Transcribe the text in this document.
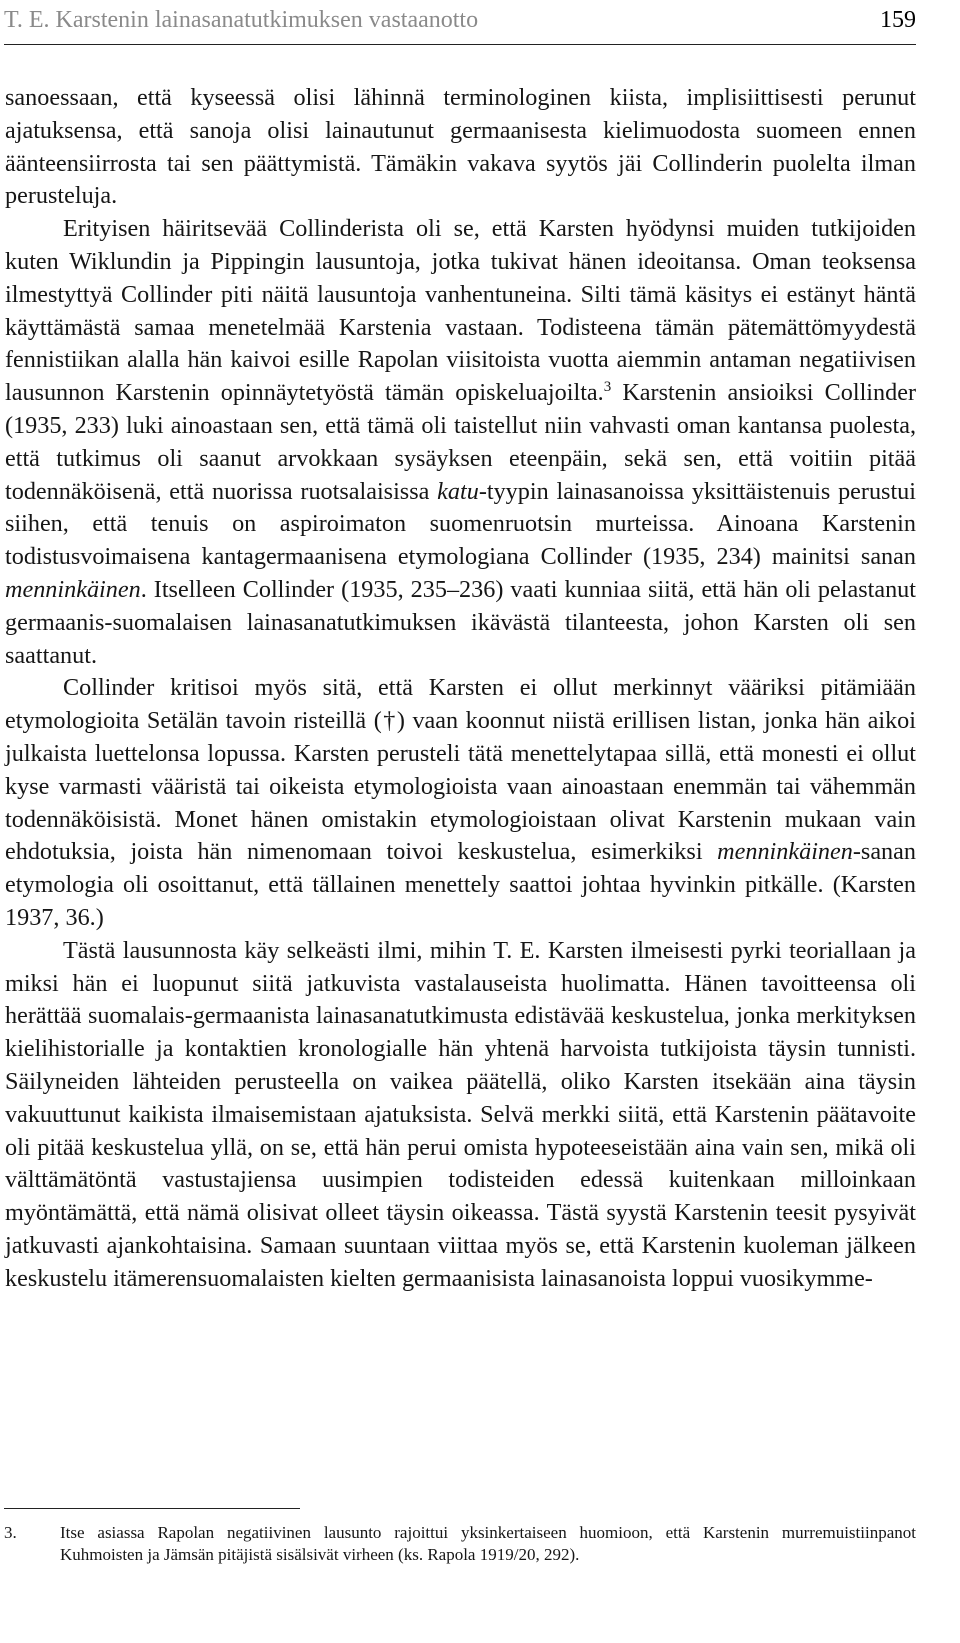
T. E. Karstenin lainasanatutkimuksen vastaanotto	159

sanoessaan, että kyseessä olisi lähinnä terminologinen kiista, implisiittisesti perunut ajatuksensa, että sanoja olisi lainautunut germaanisesta kielimuodosta suomeen ennen äänteensiirrosta tai sen päättymistä. Tämäkin vakava syytös jäi Collinderin puolelta ilman perusteluja.

Erityisen häiritsevää Collinderista oli se, että Karsten hyödynsi muiden tutkijoiden kuten Wiklundin ja Pippingin lausuntoja, jotka tukivat hänen ideoitansa. Oman teoksensa ilmestyttyä Collinder piti näitä lausuntoja vanhentuneina. Silti tämä käsitys ei estänyt häntä käyttämästä samaa menetelmää Karstenia vastaan. Todisteena tämän pätemättömyydestä fennistiikan alalla hän kaivoi esille Rapolan viisitoista vuotta aiemmin antaman negatiivisen lausunnon Karstenin opinnäytetyöstä tämän opiskeluajoilta.$^3$ Karstenin ansioiksi Collinder (1935, 233) luki ainoastaan sen, että tämä oli taistellut niin vahvasti oman kantansa puolesta, että tutkimus oli saanut arvokkaan sysäyksen eteenpäin, sekä sen, että voitiin pitää todennäköisenä, että nuorissa ruotsalaisissa katu-tyypin lainasanoissa yksittäistenuis perustui siihen, että tenuis on aspiroimaton suomenruotsin murteissa. Ainoana Karstenin todistusvoimaisena kantagermaanisena etymologiana Collinder (1935, 234) mainitsi sanan menninkäinen. Itselleen Collinder (1935, 235–236) vaati kunniaa siitä, että hän oli pelastanut germaanis-suomalaisen lainasanatutkimuksen ikävästä tilanteesta, johon Karsten oli sen saattanut.

Collinder kritisoi myös sitä, että Karsten ei ollut merkinnyt vääriksi pitämiään etymologioita Setälän tavoin risteillä (†) vaan koonnut niistä erillisen listan, jonka hän aikoi julkaista luettelonsa lopussa. Karsten perusteli tätä menettelytapaa sillä, että monesti ei ollut kyse varmasti vääristä tai oikeista etymologioista vaan ainoastaan enemmän tai vähemmän todennäköisistä. Monet hänen omistakin etymologioistaan olivat Karstenin mukaan vain ehdotuksia, joista hän nimenomaan toivoi keskustelua, esimerkiksi menninkäinen-sanan etymologia oli osoittanut, että tällainen menettely saattoi johtaa hyvinkin pitkälle. (Karsten 1937, 36.)

Tästä lausunnosta käy selkeästi ilmi, mihin T. E. Karsten ilmeisesti pyrki teoriallaan ja miksi hän ei luopunut siitä jatkuvista vastalauseista huolimatta. Hänen tavoitteensa oli herättää suomalais-germaanista lainasanatutkimusta edistävää keskustelua, jonka merkityksen kielihistorialle ja kontaktien kronologialle hän yhtenä harvoista tutkijoista täysin tunnisti. Säilyneiden lähteiden perusteella on vaikea päätellä, oliko Karsten itsekään aina täysin vakuuttunut kaikista ilmaisemistaan ajatuksista. Selvä merkki siitä, että Karstenin päätavoite oli pitää keskustelua yllä, on se, että hän perui omista hypoteeseistään aina vain sen, mikä oli välttämätöntä vastustajiensa uusimpien todisteiden edessä kuitenkaan milloinkaan myöntämättä, että nämä olisivat olleet täysin oikeassa. Tästä syystä Karstenin teesit pysyivät jatkuvasti ajankohtaisina. Samaan suuntaan viittaa myös se, että Karstenin kuoleman jälkeen keskustelu itämerensuomalaisten kielten germaanisista lainasanoista loppui vuosikymme-

3.	Itse asiassa Rapolan negatiivinen lausunto rajoittui yksinkertaiseen huomioon, että Karstenin murremuistiinpanot Kuhmoisten ja Jämsän pitäjistä sisälsivät virheen (ks. Rapola 1919/20, 292).
